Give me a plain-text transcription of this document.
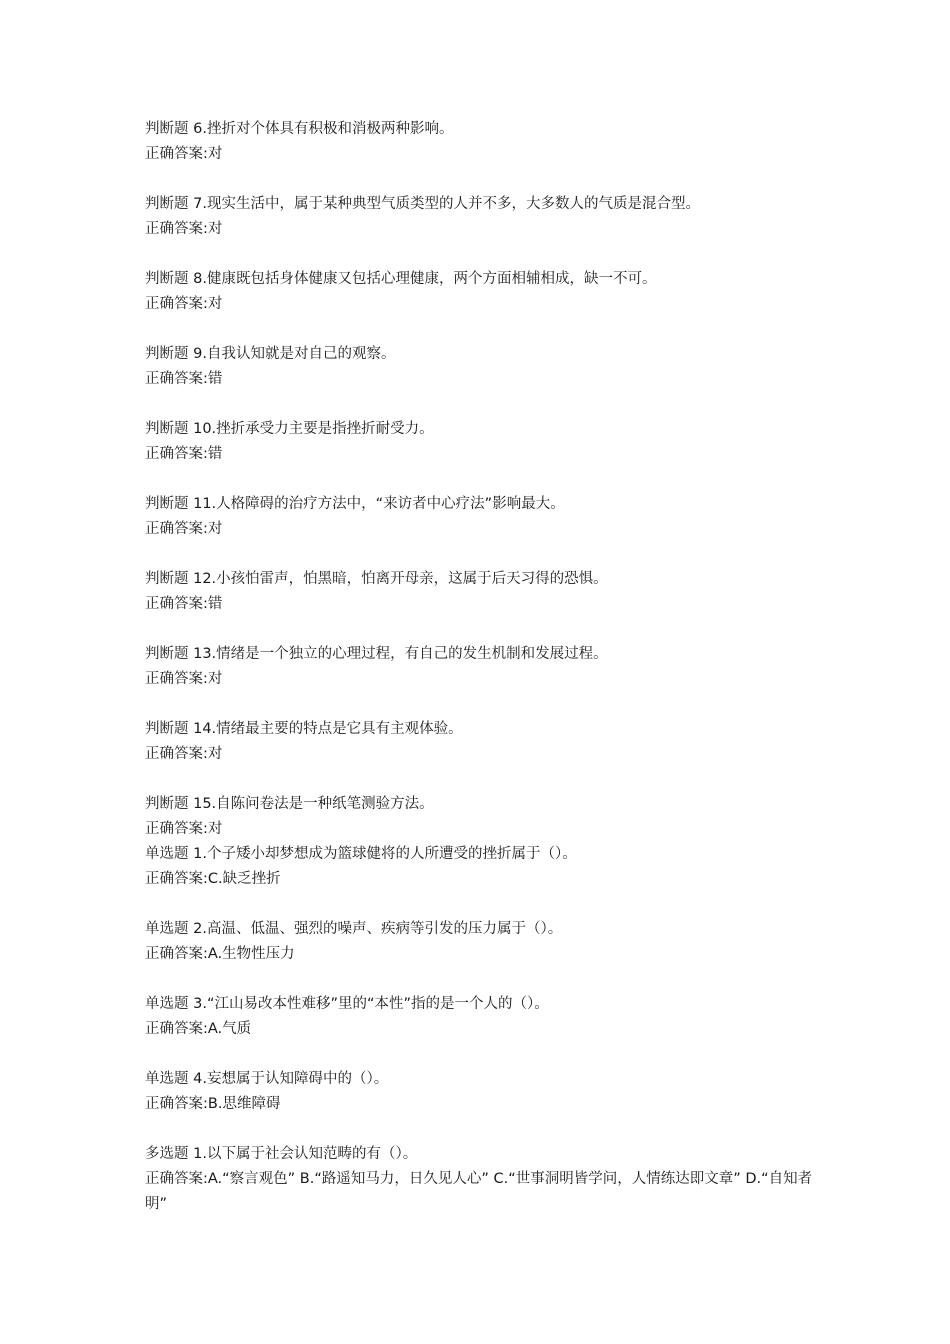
判断题 6.挫折对个体具有积极和消极两种影响。
正确答案:对
判断题 7.现实生活中，属于某种典型气质类型的人并不多，大多数人的气质是混合型。
正确答案:对
判断题 8.健康既包括身体健康又包括心理健康，两个方面相辅相成，缺一不可。
正确答案:对
判断题 9.自我认知就是对自己的观察。
正确答案:错
判断题 10.挫折承受力主要是指挫折耐受力。
正确答案:错
判断题 11.人格障碍的治疗方法中，“来访者中心疗法”影响最大。
正确答案:对
判断题 12.小孩怕雷声，怕黑暗，怕离开母亲，这属于后天习得的恐惧。
正确答案:错
判断题 13.情绪是一个独立的心理过程，有自己的发生机制和发展过程。
正确答案:对
判断题 14.情绪最主要的特点是它具有主观体验。
正确答案:对
判断题 15.自陈问卷法是一种纸笔测验方法。
正确答案:对
单选题 1.个子矮小却梦想成为篮球健将的人所遭受的挫折属于（）。
正确答案:C.缺乏挫折
单选题 2.高温、低温、强烈的噪声、疾病等引发的压力属于（）。
正确答案:A.生物性压力
单选题 3.“江山易改本性难移”里的“本性”指的是一个人的（）。
正确答案:A.气质
单选题 4.妄想属于认知障碍中的（）。
正确答案:B.思维障碍
多选题 1.以下属于社会认知范畴的有（）。
正确答案:A.“察言观色” B.“路遥知马力，日久见人心” C.“世事洞明皆学问，人情练达即文章” D.“自知者明”
